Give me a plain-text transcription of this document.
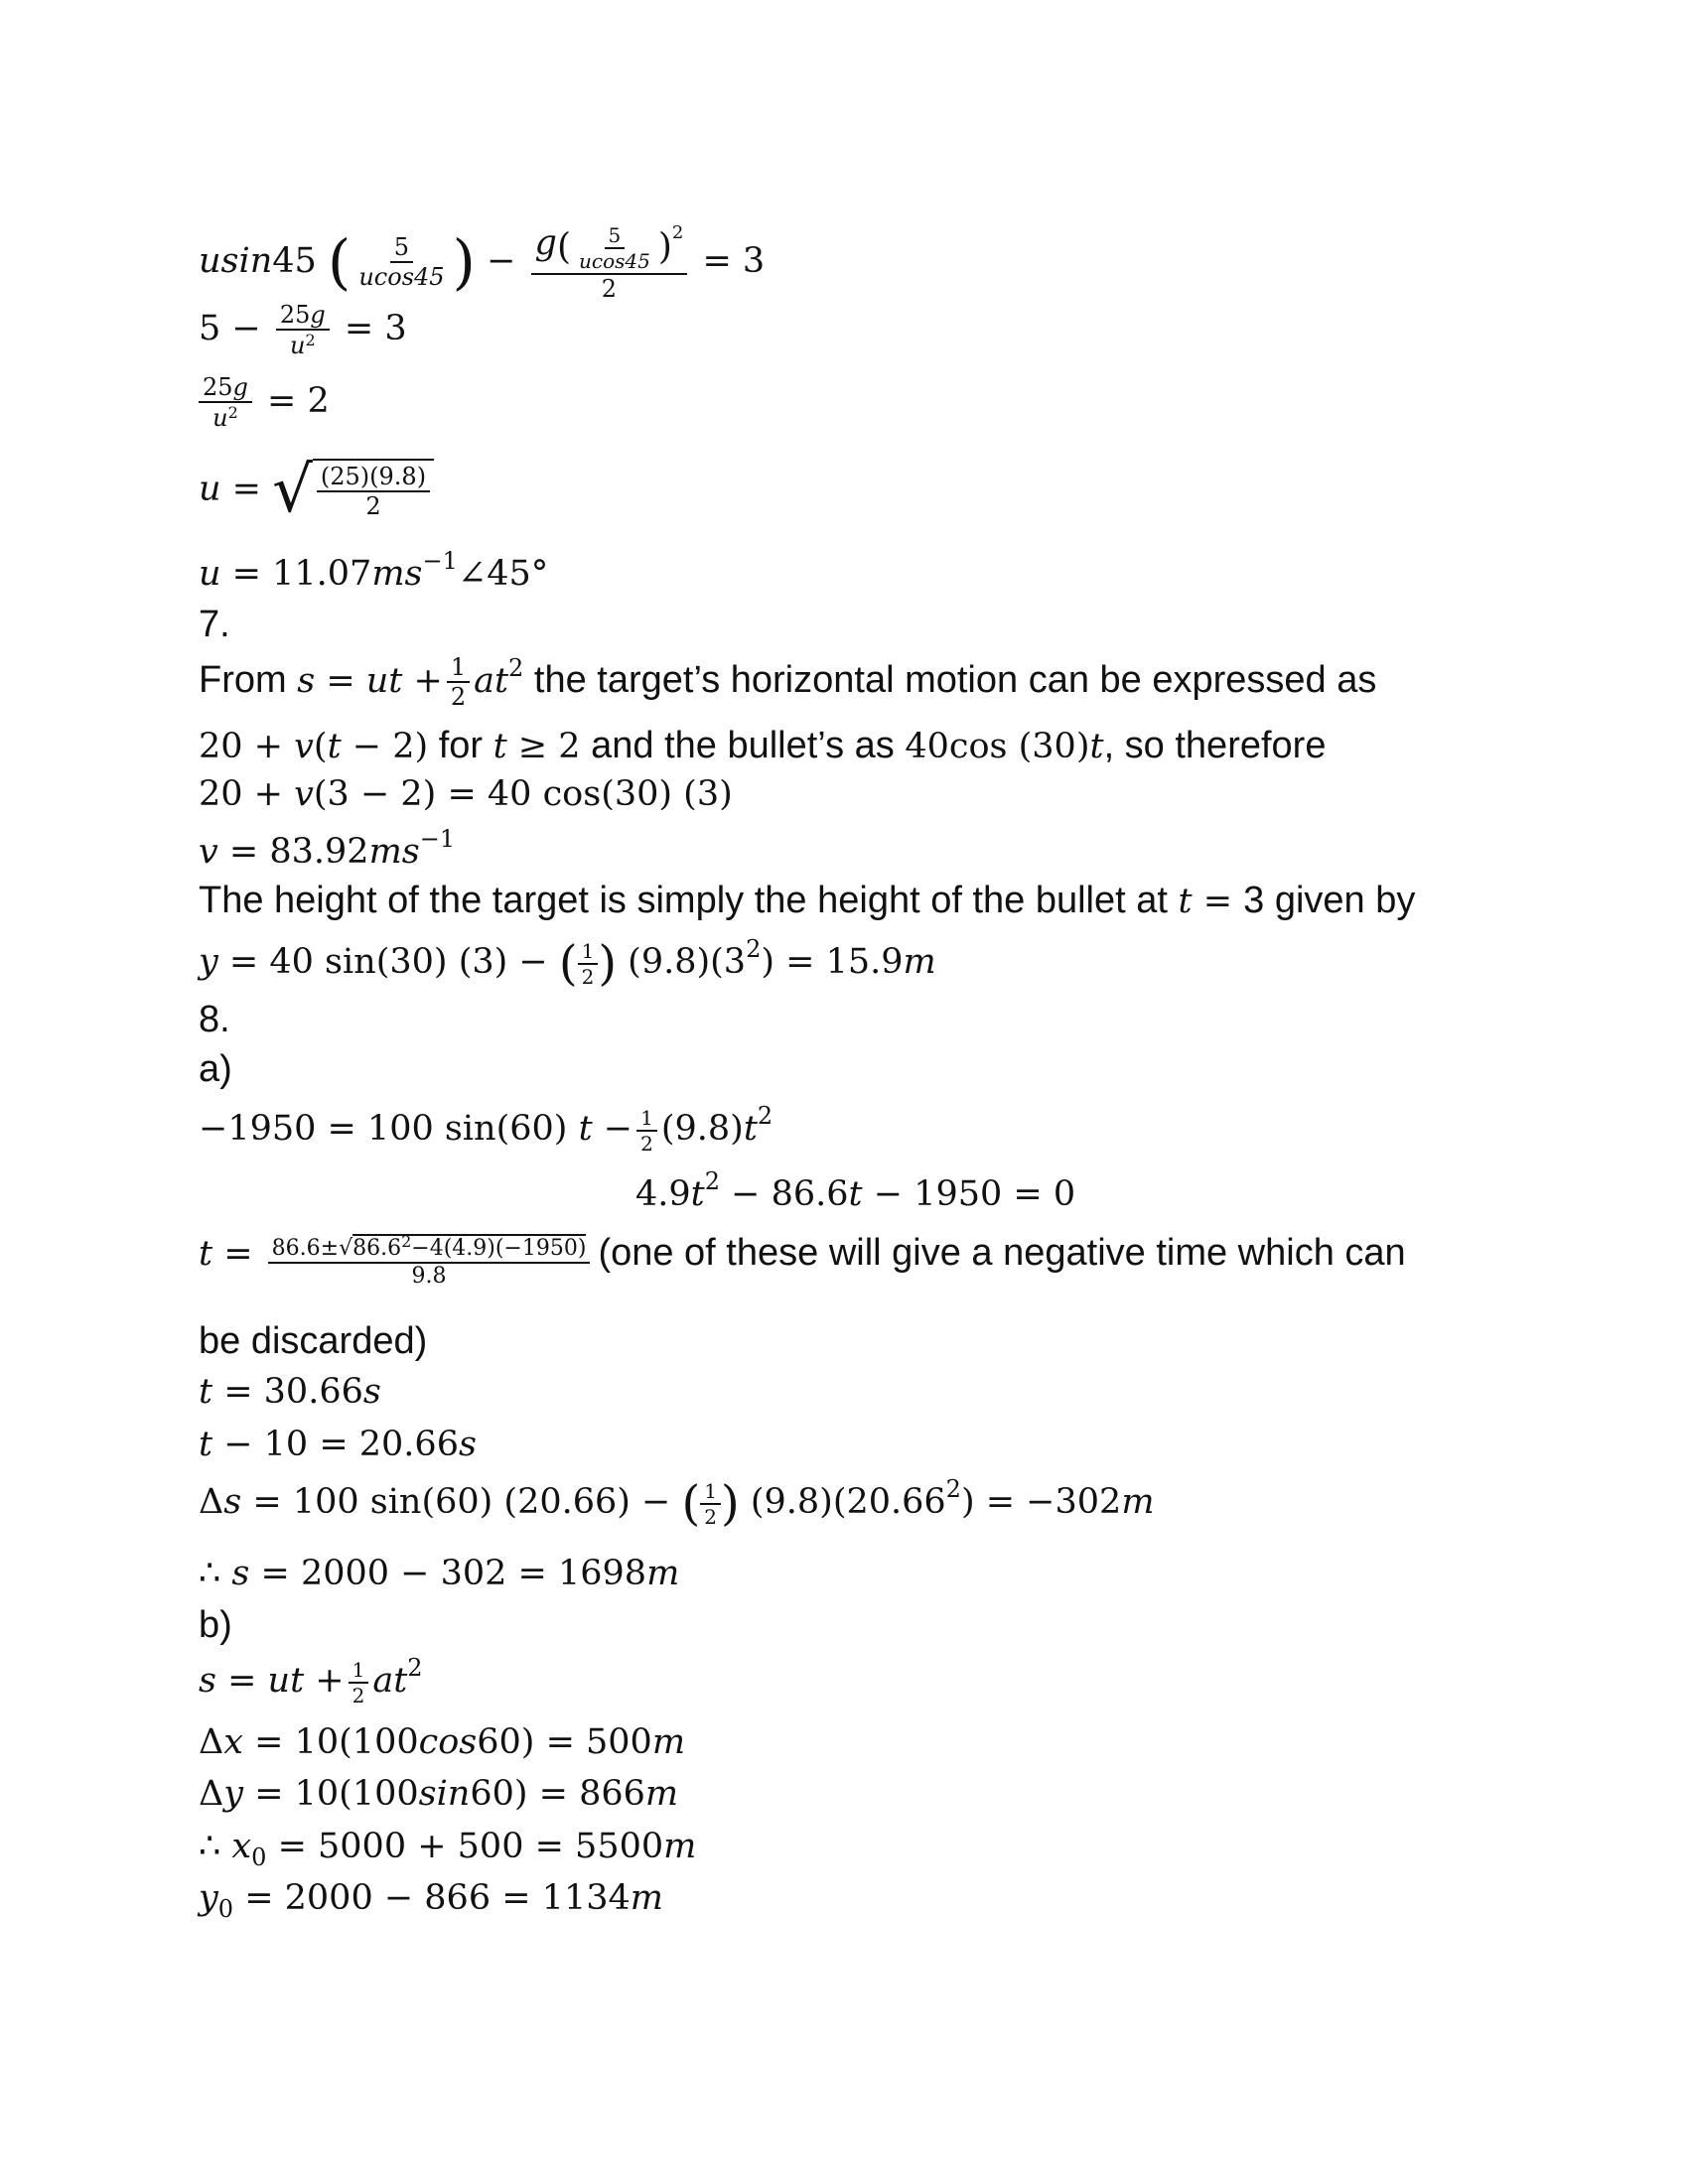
usin45 ( $\frac{5}{ucos45}$ ) − $\frac{g( \frac{5}{ucos45} )^2}{2} = 3$
$5 - \frac{25g}{u^2} = 3$
$\frac{25g}{u^2} = 2$
u = √ $\frac{(25)(9.8)}{2}$
$u = 11.07ms^{-1}\angle 45^\circ$
7.
From s = ut + $\frac{1}{2} at^2$ the target’s horizontal motion can be expressed as
20 + v(t − 2) for t ≥ 2 and the bullet’s as 40cos (30)t, so therefore
20 + v(3 − 2) = 40 cos(30) (3)
$v = 83.92ms^{-1}$
The height of the target is simply the height of the bullet at t = 3 given by
y = 40 sin(30) (3) − ( $\frac{1}{2}$ ) $(9.8)(3^2) = 15.9m$
8.
a)
−1950 = 100 sin(60) $t - \frac{1}{2} (9.8)t^2$
$4.9t^2 - 86.6t - 1950 = 0$
$t = \frac{86.6\pm√86.6^2-4(4.9)(-1950)}{9.8} (one$ of these will give a negative time which can
be discarded)
t = 30.66s
t − 10 = 20.66s
Δs = 100 sin(60) (20.66) − ( $\frac{1}{2}$ ) $(9.8)(20.66^2) = -302m$
∴ s = 2000 − 302 = 1698m
b)
s = ut + $\frac{1}{2} at^2$
Δx = 10(100cos60) = 500m
Δy = 10(100sin60) = 866m
∴ $x_0 = 5000 + 500 = 5500m$
$y_0 = 2000 - 866 = 1134m$
